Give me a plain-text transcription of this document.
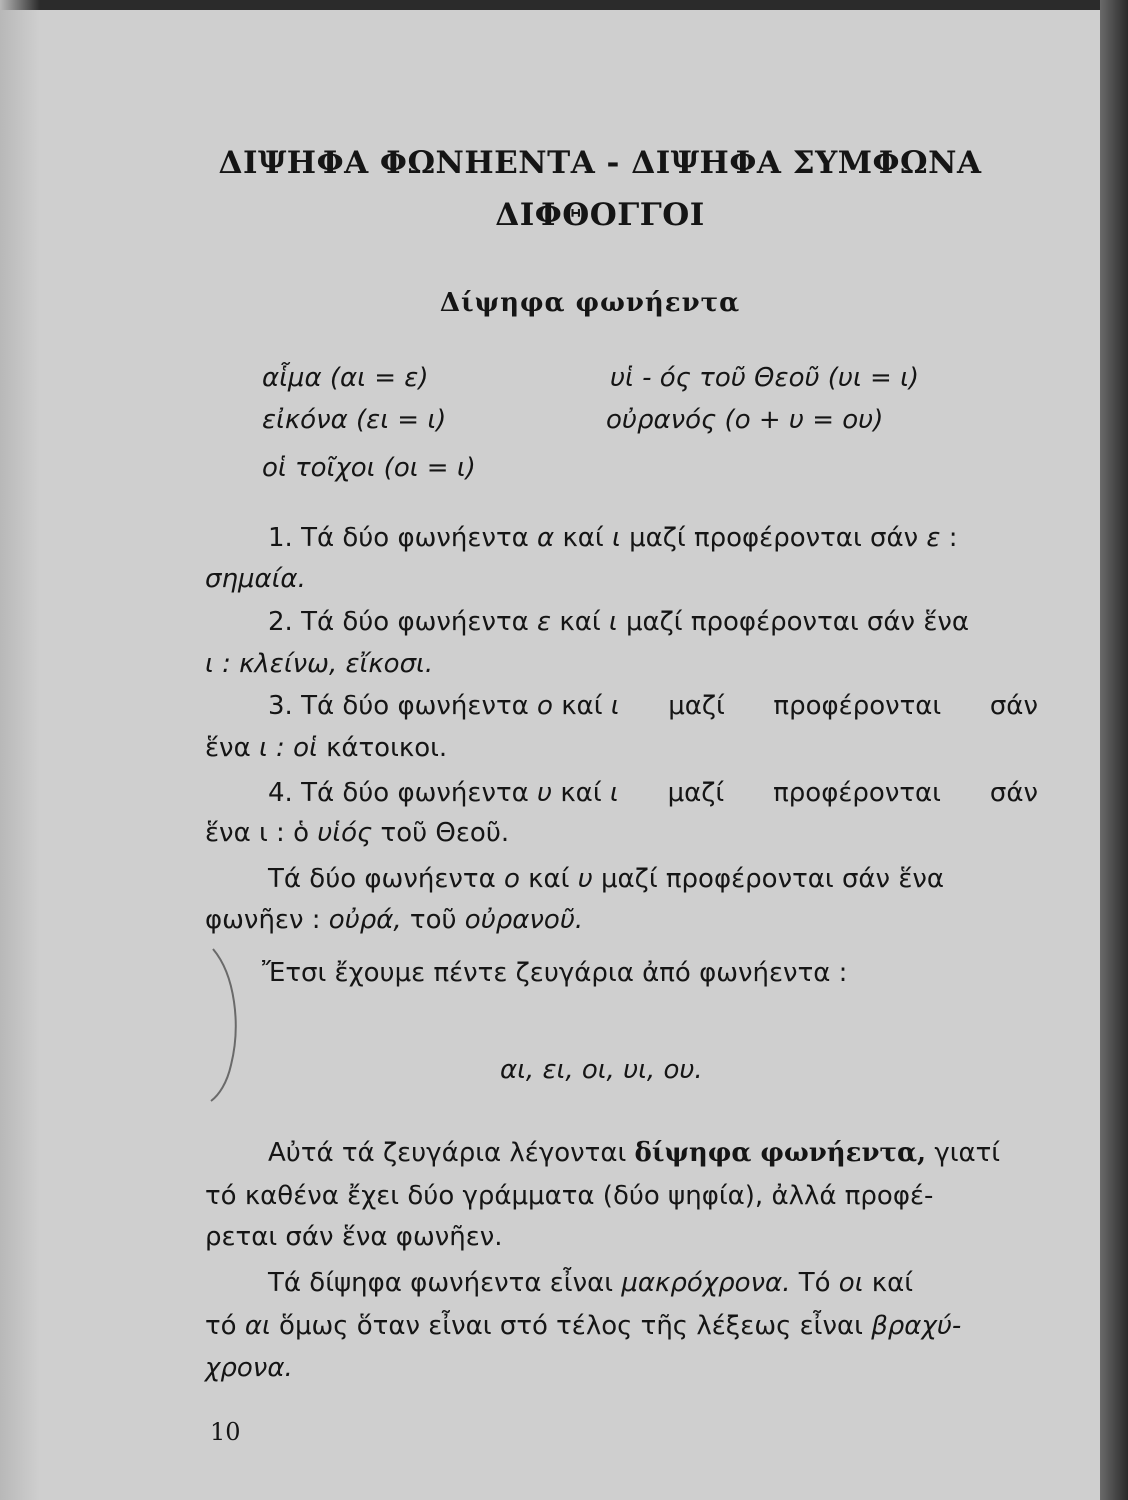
ΔΙΨΗΦΑ ΦΩΝΗΕΝΤΑ - ΔΙΨΗΦΑ ΣΥΜΦΩΝΑ
ΔΙΦΘΟΓΓΟΙ
Δίψηφα φωνήεντα
αἷμα (αι = ε)	υἱ - ός τοῦ Θεοῦ (υι = ι)
εἰκόνα (ει = ι)	οὐρανός (ο + υ = ου)
οἱ τοῖχοι (οι = ι)
1. Τά δύο φωνήεντα α καί ι μαζί προφέρονται σάν ε :
σημαία.
2. Τά δύο φωνήεντα ε καί ι μαζί προφέρονται σάν ἕνα
ι : κλείνω, εἴκοσι.
3. Τά δύο φωνήεντα ο καί ι μαζί προφέρονται σάν
ἕνα ι : οἱ κάτοικοι.
4. Τά δύο φωνήεντα υ καί ι μαζί προφέρονται σάν
ἕνα ι : ὁ υἱός τοῦ Θεοῦ.
Τά δύο φωνήεντα ο καί υ μαζί προφέρονται σάν ἕνα
φωνῆεν : οὐρά, τοῦ οὐρανοῦ.
Ἔτσι ἔχουμε πέντε ζευγάρια ἀπό φωνήεντα :
αι, ει, οι, υι, ου.
Αὐτά τά ζευγάρια λέγονται δίψηφα φωνήεντα, γιατί
τό καθένα ἔχει δύο γράμματα (δύο ψηφία), ἀλλά προφέ-
ρεται σάν ἕνα φωνῆεν.
Τά δίψηφα φωνήεντα εἶναι μακρόχρονα. Τό οι καί
τό αι ὅμως ὅταν εἶναι στό τέλος τῆς λέξεως εἶναι βραχύ-
χρονα.
10
